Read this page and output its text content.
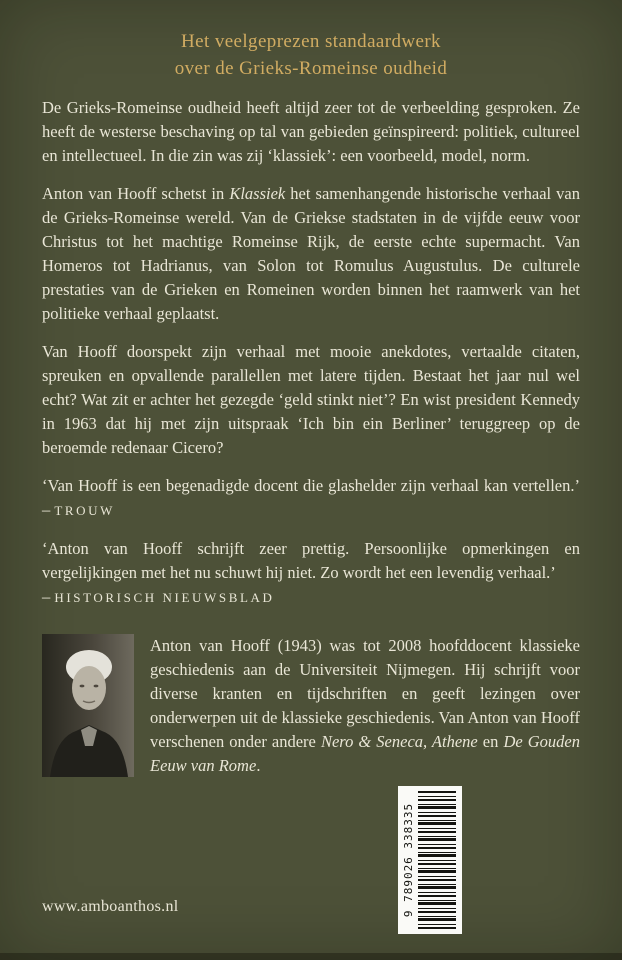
Het veelgeprezen standaardwerk
over de Grieks-Romeinse oudheid

De Grieks-Romeinse oudheid heeft altijd zeer tot de verbeelding gesproken. Ze heeft de westerse beschaving op tal van gebieden geïnspireerd: politiek, cultureel en intellectueel. In die zin was zij ‘klassiek’: een voorbeeld, model, norm.

Anton van Hooff schetst in Klassiek het samenhangende historische verhaal van de Grieks-Romeinse wereld. Van de Griekse stadstaten in de vijfde eeuw voor Christus tot het machtige Romeinse Rijk, de eerste echte supermacht. Van Homeros tot Hadrianus, van Solon tot Romulus Augustulus. De culturele prestaties van de Grieken en Romeinen worden binnen het raamwerk van het politieke verhaal geplaatst.

Van Hooff doorspekt zijn verhaal met mooie anekdotes, vertaalde citaten, spreuken en opvallende parallellen met latere tijden. Bestaat het jaar nul wel echt? Wat zit er achter het gezegde ‘geld stinkt niet’? En wist president Kennedy in 1963 dat hij met zijn uitspraak ‘Ich bin ein Berliner’ teruggreep op de beroemde redenaar Cicero?

‘Van Hooff is een begenadigde docent die glashelder zijn verhaal kan vertellen.’ – TROUW

‘Anton van Hooff schrijft zeer prettig. Persoonlijke opmerkingen en vergelijkingen met het nu schuwt hij niet. Zo wordt het een levendig verhaal.’
– HISTORISCH NIEUWSBLAD

Anton van Hooff (1943) was tot 2008 hoofddocent klassieke geschiedenis aan de Universiteit Nijmegen. Hij schrijft voor diverse kranten en tijdschriften en geeft lezingen over onderwerpen uit de klassieke geschiedenis. Van Anton van Hooff verschenen onder andere Nero & Seneca, Athene en De Gouden Eeuw van Rome.
www.amboanthos.nl	9 789026 338335
